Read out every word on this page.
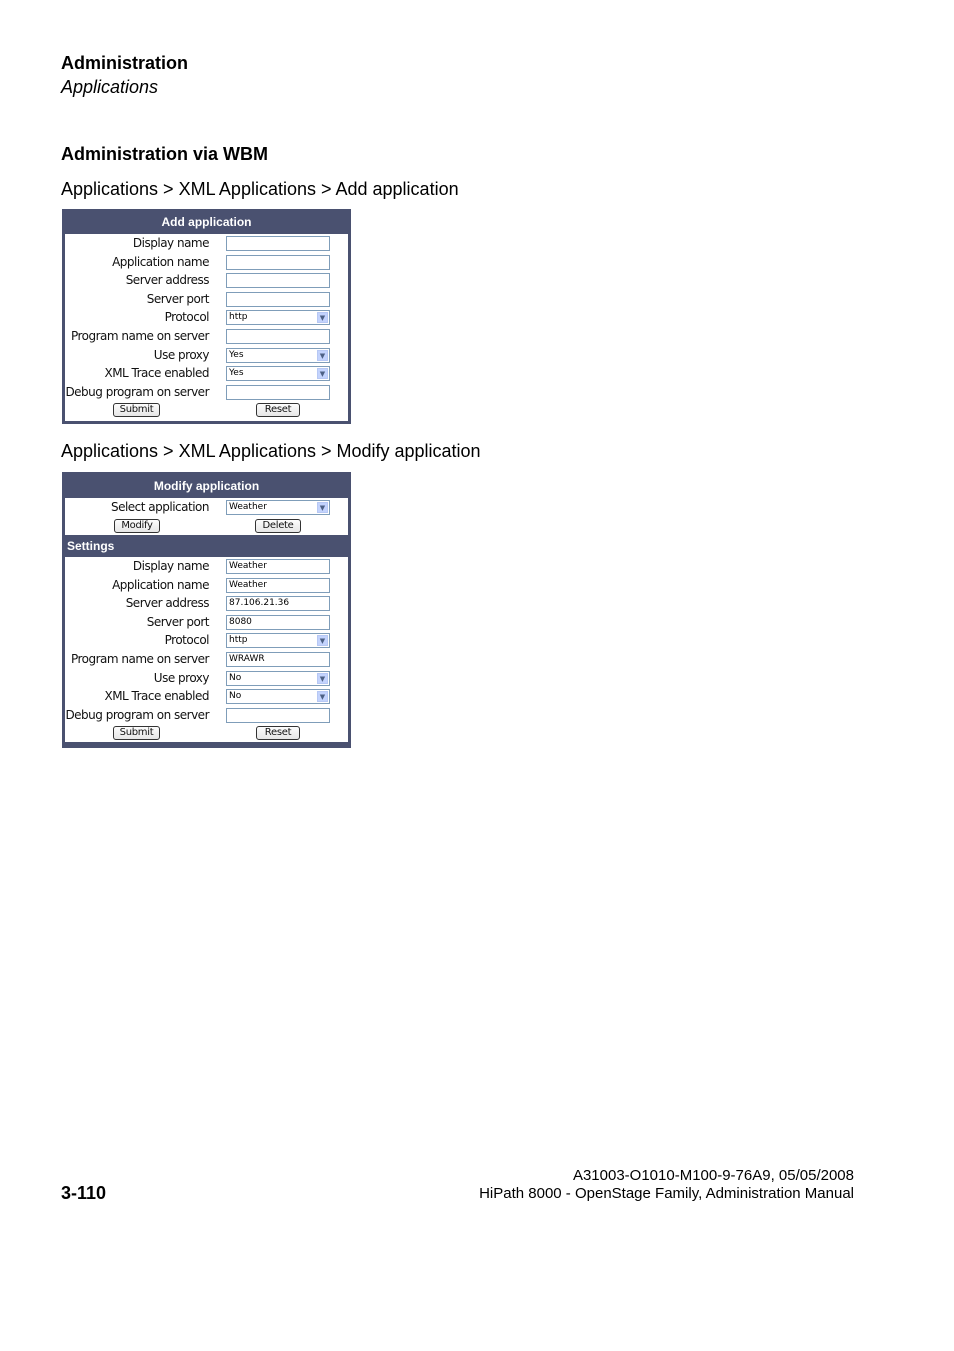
Administration
Applications
Administration via WBM
Applications > XML Applications > Add application
Add application
Display name
Application name
Server address
Server port
Protocol	http	▼
Program name on server
Use proxy	Yes	▼
XML Trace enabled	Yes	▼
Debug program on server
Submit	Reset
Applications > XML Applications > Modify application
Modify application
Select application	Weather	▼
Modify	Delete
Settings
Display name	Weather
Application name	Weather
Server address	87.106.21.36
Server port	8080
Protocol	http	▼
Program name on server	WRAWR
Use proxy	No	▼
XML Trace enabled	No	▼
Debug program on server
Submit	Reset
A31003-O1010-M100-9-76A9, 05/05/2008
HiPath 8000 - OpenStage Family, Administration Manual
3-110
